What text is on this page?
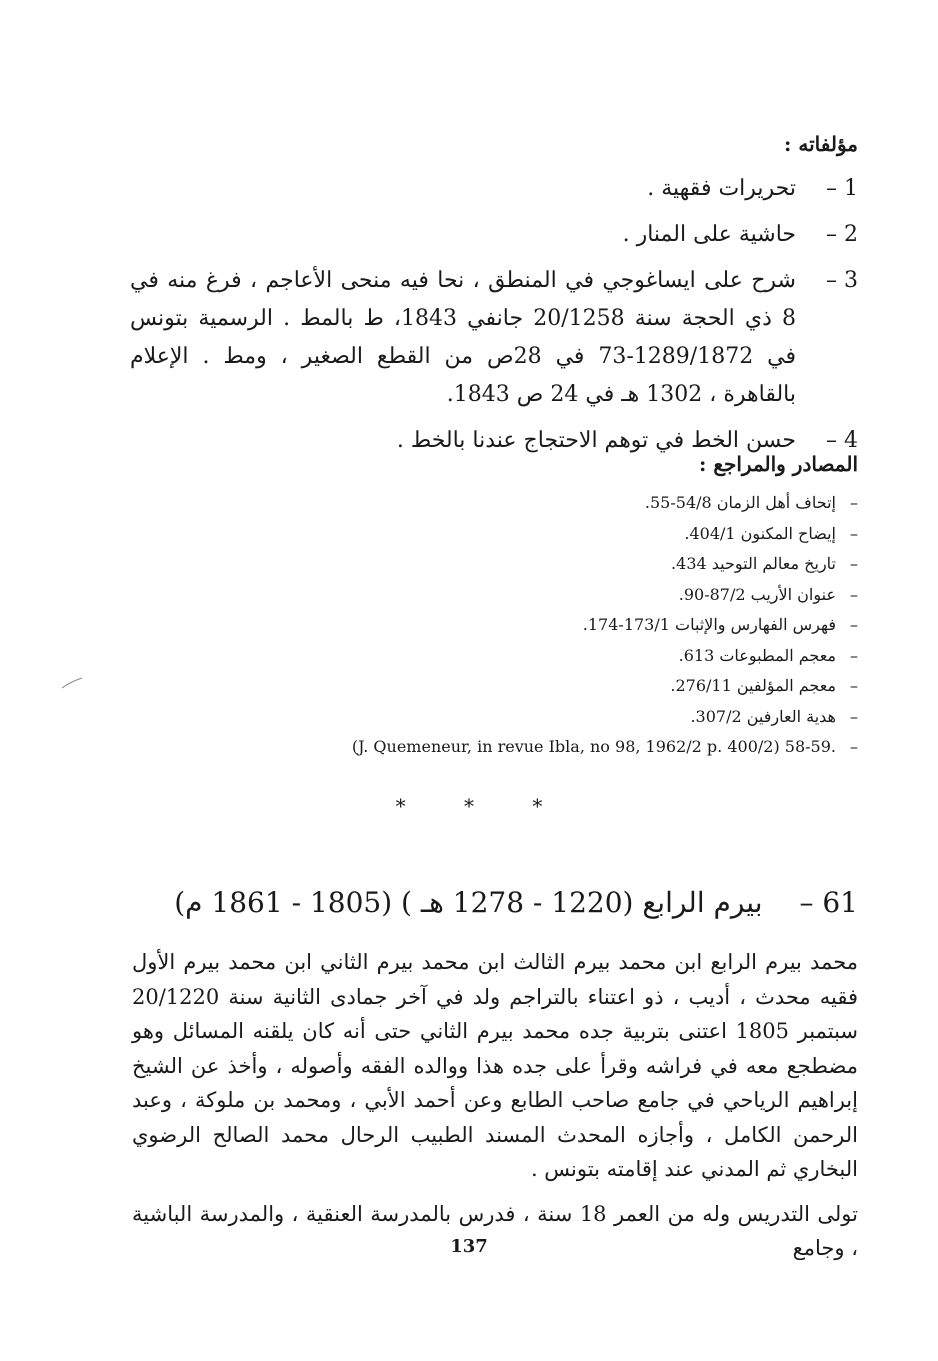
مؤلفاته :
1 –
تحريرات فقهية .
2 –
حاشية على المنار .
3 –
شرح على ايساغوجي في المنطق ، نحا فيه منحى الأعاجم ، فرغ منه في 8 ذي الحجة سنة 20/1258 جانفي 1843، ط بالمط . الرسمية بتونس في 1289/1872-73 في 28ص من القطع الصغير ، ومط . الإعلام بالقاهرة ، 1302 هـ في 24 ص 1843.
4 –
حسن الخط في توهم الاحتجاج عندنا بالخط .
المصادر والمراجع :
–
إتحاف أهل الزمان 54/8-55.
–
إيضاح المكنون 404/1.
–
تاريخ معالم التوحيد 434.
–
عنوان الأريب 87/2-90.
–
فهرس الفهارس والإثبات 173/1-174.
–
معجم المطبوعات 613.
–
معجم المؤلفين 276/11.
–
هدية العارفين 307/2.
–
(J. Quemeneur, in revue Ibla, no 98, 1962/2 p. 400/2) 58-59.
*	*	*
61 – بيرم الرابع (1220 - 1278 هـ ) (1805 - 1861 م)

محمد بيرم الرابع ابن محمد بيرم الثالث ابن محمد بيرم الثاني ابن محمد بيرم الأول فقيه محدث ، أديب ، ذو اعتناء بالتراجم ولد في آخر جمادى الثانية سنة 20/1220 سبتمبر 1805 اعتنى بتربية جده محمد بيرم الثاني حتى أنه كان يلقنه المسائل وهو مضطجع معه في فراشه وقرأ على جده هذا ووالده الفقه وأصوله ، وأخذ عن الشيخ إبراهيم الرياحي في جامع صاحب الطابع وعن أحمد الأبي ، ومحمد بن ملوكة ، وعبد الرحمن الكامل ، وأجازه المحدث المسند الطبيب الرحال محمد الصالح الرضوي البخاري ثم المدني عند إقامته بتونس .

تولى التدريس وله من العمر 18 سنة ، فدرس بالمدرسة العنقية ، والمدرسة الباشية ، وجامع

137
